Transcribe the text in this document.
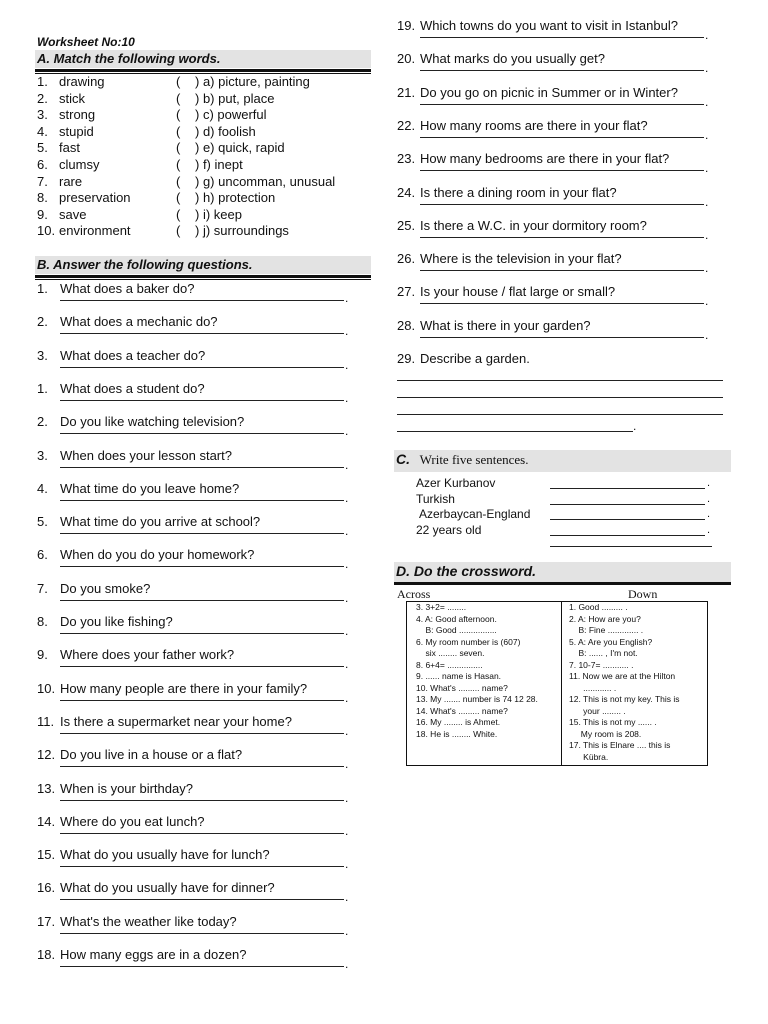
Worksheet No:10
A. Match the following words.
1. drawing	( ) a) picture, painting
2. stick	( ) b) put, place
3. strong	( ) c) powerful
4. stupid	( ) d) foolish
5. fast	( ) e) quick, rapid
6. clumsy	( ) f) inept
7. rare	( ) g) uncomman, unusual
8. preservation	( ) h) protection
9. save	( ) i) keep
10. environment	( ) j) surroundings
B. Answer the following questions.
1. What does a baker do?
.
2. What does a mechanic do?
.
3. What does a teacher do?
.
1. What does a student do?
.
2. Do you like watching television?
.
3. When does your lesson start?
.
4. What time do you leave home?
.
5. What time do you arrive at school?
.
6. When do you do your homework?
.
7. Do you smoke?
.
8. Do you like fishing?
.
9. Where does your father work?
.
10. How many people are there in your family?
.
11. Is there a supermarket near your home?
.
12. Do you live in a house or a flat?
.
13. When is your birthday?
.
14. Where do you eat lunch?
.
15. What do you usually have for lunch?
.
16. What do you usually have for dinner?
.
17. What's the weather like today?
.
18. How many eggs are in a dozen?
.
19. Which towns do you want to visit in Istanbul?
.
20. What marks do you usually get?
.
21. Do you go on picnic in Summer or in Winter?
.
22. How many rooms are there in your flat?
.
23. How many bedrooms are there in your flat?
.
24. Is there a dining room in your flat?
.
25. Is there a W.C. in your dormitory room?
.
26. Where is the television in your flat?
.
27. Is your house / flat large or small?
.
28. What is there in your garden?
.
29. Describe a garden.
.
C. Write five sentences.
Azer Kurbanov	.
Turkish	.
Azerbaycan-England	.
22 years old	.
D. Do the crossword.
Across	Down
3. 3+2= ........
4. A: Good afternoon.
B: Good ................
6. My room number is (607)
six ........ seven.
8. 6+4= ...............
9. ...... name is Hasan.
10. What's ......... name?
13. My ....... number is 74 12 28.
14. What's ......... name?
16. My ........ is Ahmet.
18. He is ........ White.
1. Good ......... .
2. A: How are you?
B: Fine ............. .
5. A: Are you English?
B: ...... , I'm not.
7. 10-7= ........... .
11. Now we are at the Hilton
............ .
12. This is not my key. This is
your ........ .
15. This is not my ...... .
My room is 208.
17. This is Elnare .... this is
Kübra.
